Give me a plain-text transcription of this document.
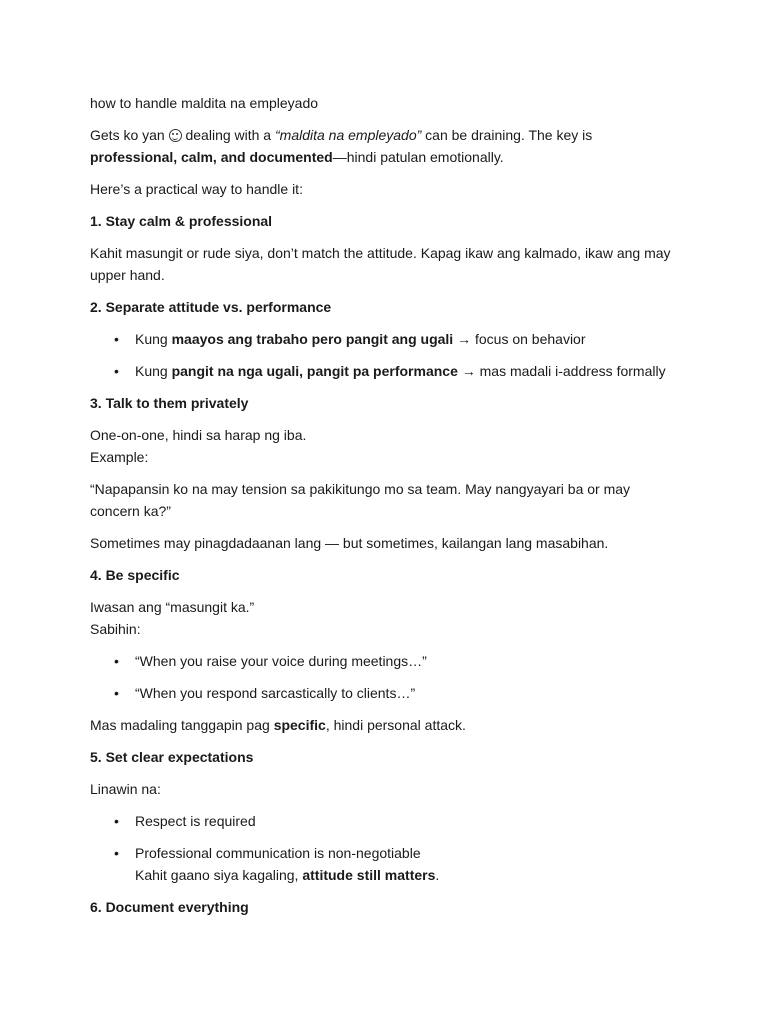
how to handle maldita na empleyado

Gets ko yan  dealing with a “maldita na empleyado” can be draining. The key is professional, calm, and documented—hindi patulan emotionally.

Here’s a practical way to handle it:

1. Stay calm & professional

Kahit masungit or rude siya, don’t match the attitude. Kapag ikaw ang kalmado, ikaw ang may upper hand.

2. Separate attitude vs. performance
• Kung maayos ang trabaho pero pangit ang ugali → focus on behavior
• Kung pangit na nga ugali, pangit pa performance → mas madali i-address formally
3. Talk to them privately

One-on-one, hindi sa harap ng iba.

Example:

“Napapansin ko na may tension sa pakikitungo mo sa team. May nangyayari ba or may concern ka?”

Sometimes may pinagdadaanan lang — but sometimes, kailangan lang masabihan.

4. Be specific

Iwasan ang “masungit ka.”

Sabihin:

• “When you raise your voice during meetings…”
• “When you respond sarcastically to clients…”

Mas madaling tanggapin pag specific, hindi personal attack.

5. Set clear expectations

Linawin na:

• Respect is required
• Professional communication is non-negotiable
Kahit gaano siya kagaling, attitude still matters.
6. Document everything
